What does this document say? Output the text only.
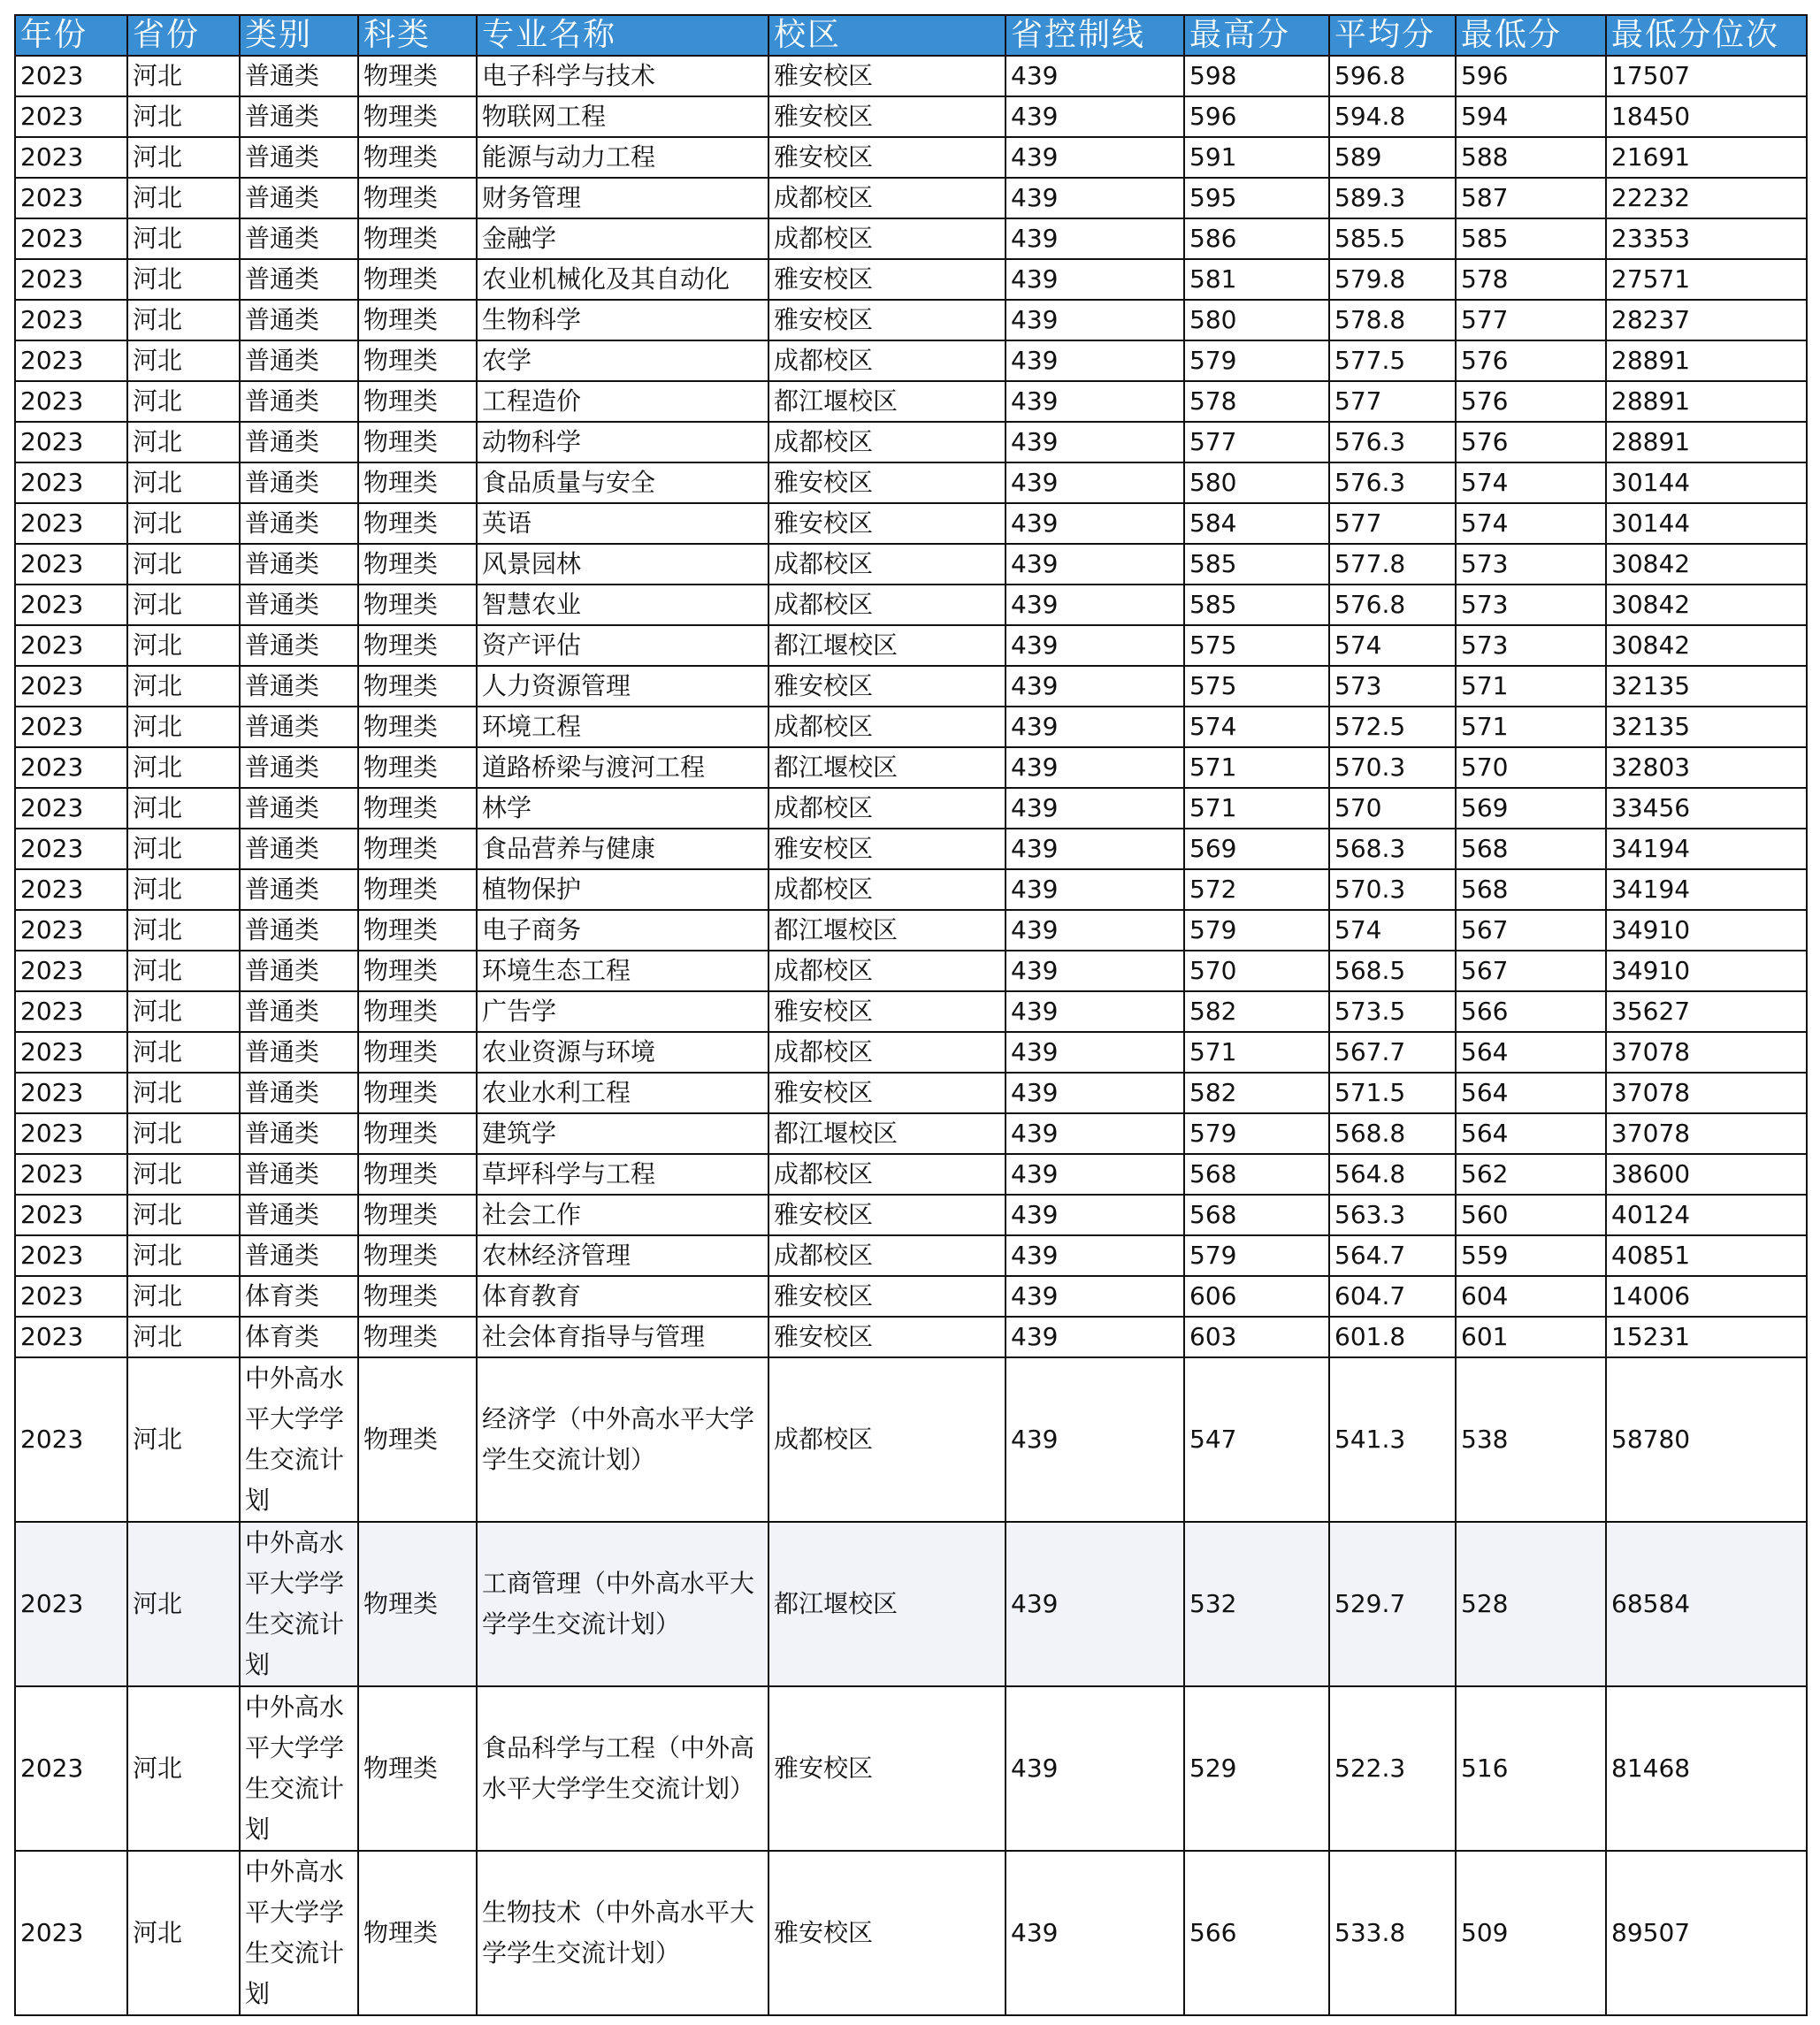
年份	省份	类别	科类	专业名称	校区	省控制线	最高分	平均分	最低分	最低分位次
2023	河北	普通类	物理类	电子科学与技术	雅安校区	439	598	596.8	596	17507
2023	河北	普通类	物理类	物联网工程	雅安校区	439	596	594.8	594	18450
2023	河北	普通类	物理类	能源与动力工程	雅安校区	439	591	589	588	21691
2023	河北	普通类	物理类	财务管理	成都校区	439	595	589.3	587	22232
2023	河北	普通类	物理类	金融学	成都校区	439	586	585.5	585	23353
2023	河北	普通类	物理类	农业机械化及其自动化	雅安校区	439	581	579.8	578	27571
2023	河北	普通类	物理类	生物科学	雅安校区	439	580	578.8	577	28237
2023	河北	普通类	物理类	农学	成都校区	439	579	577.5	576	28891
2023	河北	普通类	物理类	工程造价	都江堰校区	439	578	577	576	28891
2023	河北	普通类	物理类	动物科学	成都校区	439	577	576.3	576	28891
2023	河北	普通类	物理类	食品质量与安全	雅安校区	439	580	576.3	574	30144
2023	河北	普通类	物理类	英语	雅安校区	439	584	577	574	30144
2023	河北	普通类	物理类	风景园林	成都校区	439	585	577.8	573	30842
2023	河北	普通类	物理类	智慧农业	成都校区	439	585	576.8	573	30842
2023	河北	普通类	物理类	资产评估	都江堰校区	439	575	574	573	30842
2023	河北	普通类	物理类	人力资源管理	雅安校区	439	575	573	571	32135
2023	河北	普通类	物理类	环境工程	成都校区	439	574	572.5	571	32135
2023	河北	普通类	物理类	道路桥梁与渡河工程	都江堰校区	439	571	570.3	570	32803
2023	河北	普通类	物理类	林学	成都校区	439	571	570	569	33456
2023	河北	普通类	物理类	食品营养与健康	雅安校区	439	569	568.3	568	34194
2023	河北	普通类	物理类	植物保护	成都校区	439	572	570.3	568	34194
2023	河北	普通类	物理类	电子商务	都江堰校区	439	579	574	567	34910
2023	河北	普通类	物理类	环境生态工程	成都校区	439	570	568.5	567	34910
2023	河北	普通类	物理类	广告学	雅安校区	439	582	573.5	566	35627
2023	河北	普通类	物理类	农业资源与环境	成都校区	439	571	567.7	564	37078
2023	河北	普通类	物理类	农业水利工程	雅安校区	439	582	571.5	564	37078
2023	河北	普通类	物理类	建筑学	都江堰校区	439	579	568.8	564	37078
2023	河北	普通类	物理类	草坪科学与工程	成都校区	439	568	564.8	562	38600
2023	河北	普通类	物理类	社会工作	雅安校区	439	568	563.3	560	40124
2023	河北	普通类	物理类	农林经济管理	成都校区	439	579	564.7	559	40851
2023	河北	体育类	物理类	体育教育	雅安校区	439	606	604.7	604	14006
2023	河北	体育类	物理类	社会体育指导与管理	雅安校区	439	603	601.8	601	15231
2023	河北	中外高水平大学学生交流计划	物理类	经济学（中外高水平大学学生交流计划）	成都校区	439	547	541.3	538	58780
2023	河北	中外高水平大学学生交流计划	物理类	工商管理（中外高水平大学学生交流计划）	都江堰校区	439	532	529.7	528	68584
2023	河北	中外高水平大学学生交流计划	物理类	食品科学与工程（中外高水平大学学生交流计划）	雅安校区	439	529	522.3	516	81468
2023	河北	中外高水平大学学生交流计划	物理类	生物技术（中外高水平大学学生交流计划）	雅安校区	439	566	533.8	509	89507
